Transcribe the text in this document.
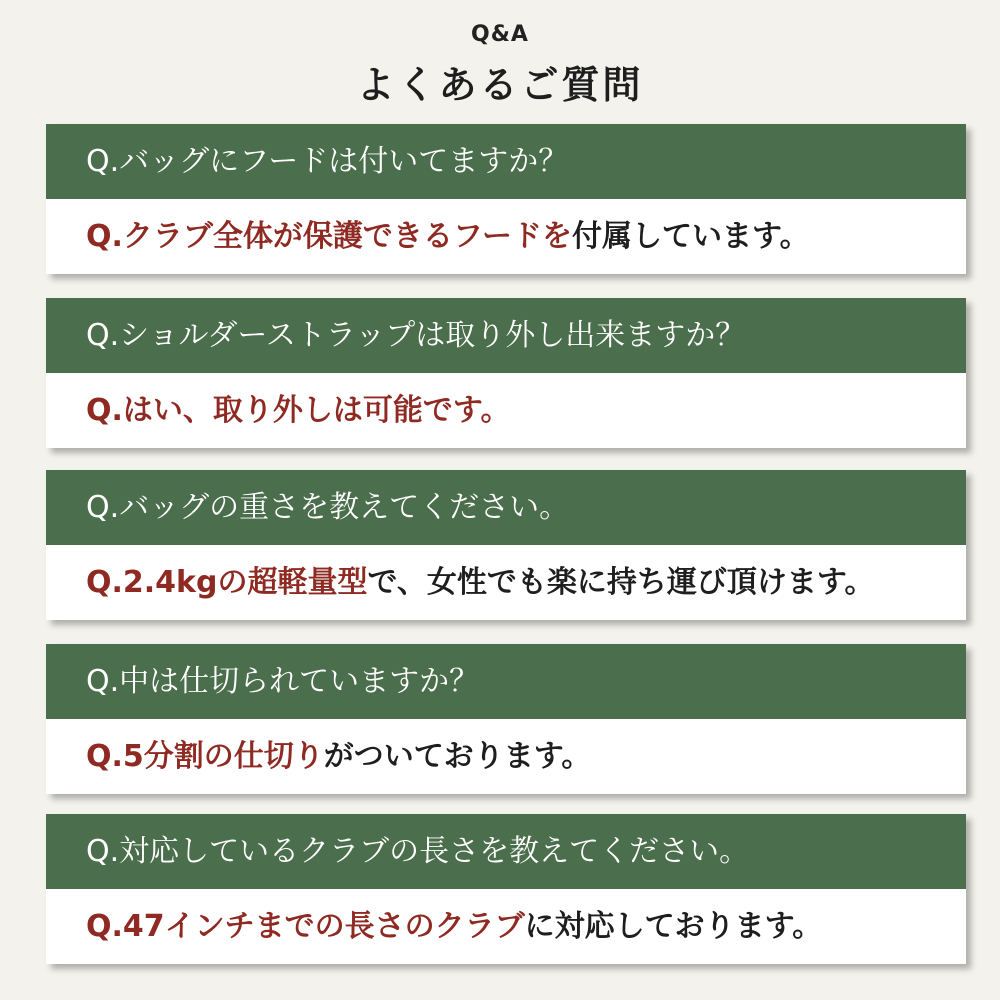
Q&A
よくあるご質問
Q.バッグにフードは付いてますか？
Q.クラブ全体が保護できるフードを付属しています。
Q.ショルダーストラップは取り外し出来ますか？
Q.はい、取り外しは可能です。
Q.バッグの重さを教えてください。
Q.2.4kgの超軽量型で、女性でも楽に持ち運び頂けます。
Q.中は仕切られていますか？
Q.5分割の仕切りがついております。
Q.対応しているクラブの長さを教えてください。
Q.47インチまでの長さのクラブに対応しております。
